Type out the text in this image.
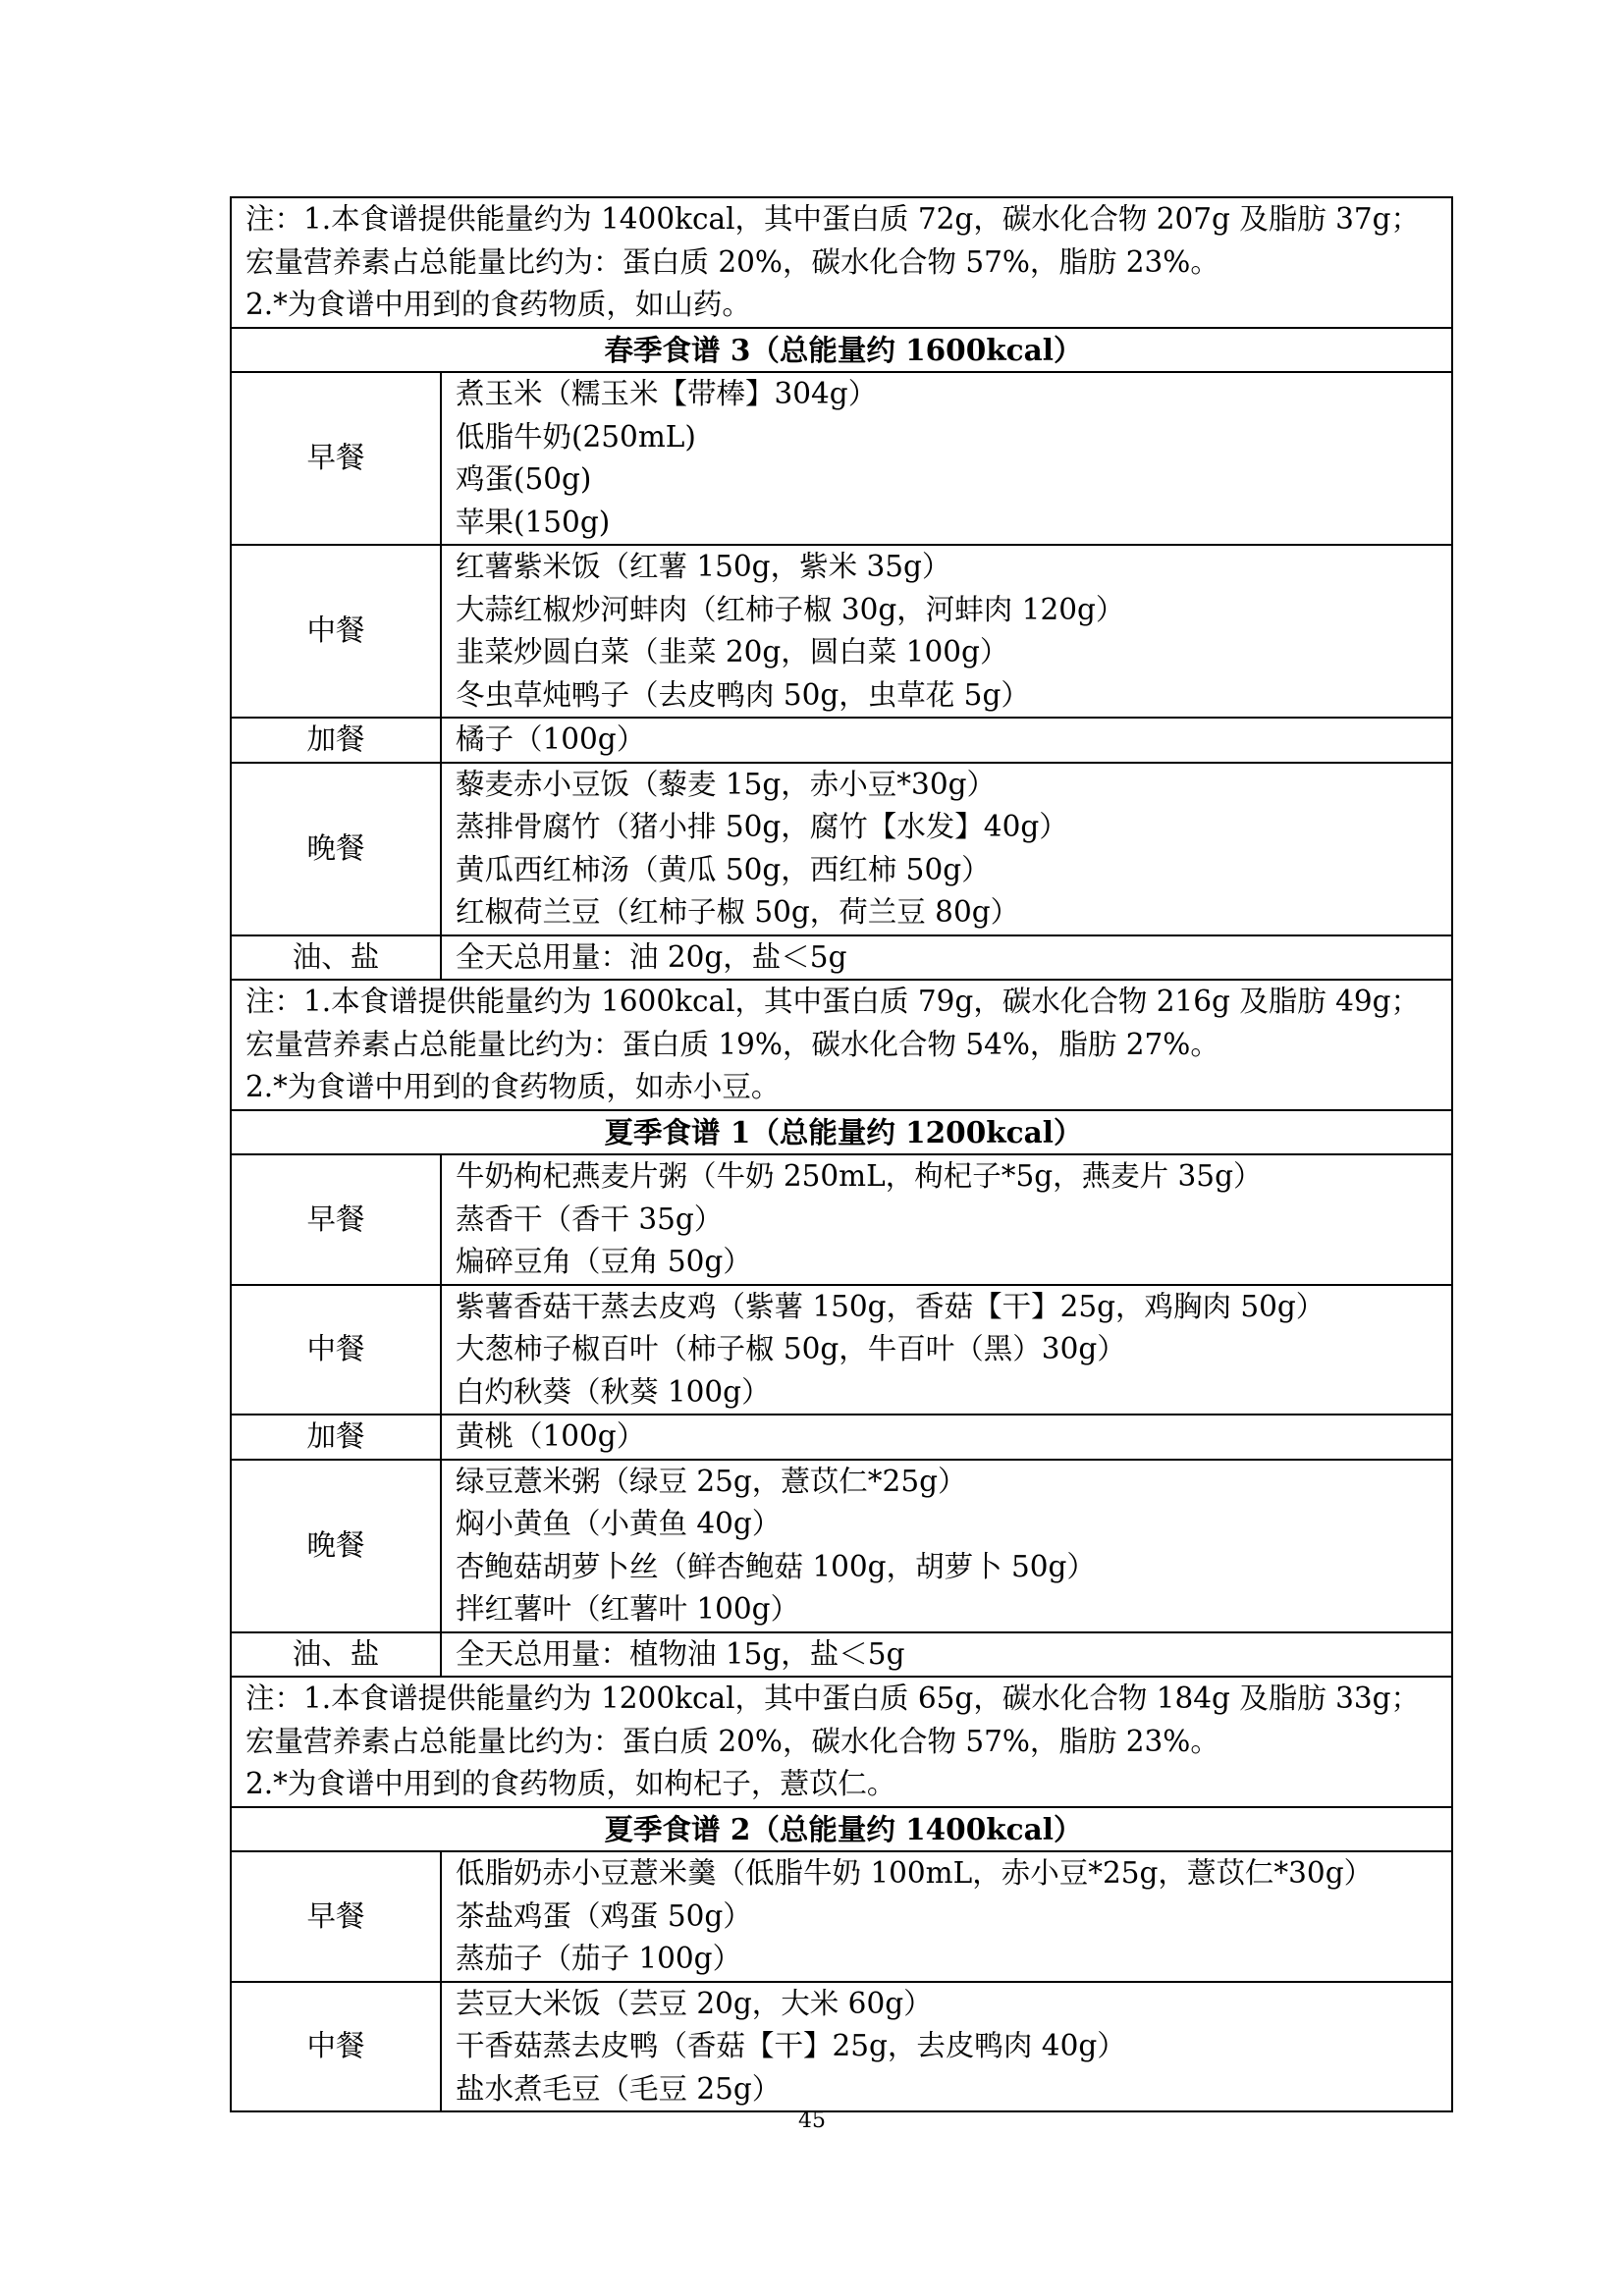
注：1.本食谱提供能量约为 1400kcal，其中蛋白质 72g，碳水化合物 207g 及脂肪 37g；宏量营养素占总能量比约为：蛋白质 20%，碳水化合物 57%，脂肪 23%。
2.*为食谱中用到的食药物质，如山药。	

春季食谱 3（总能量约 1600kcal）	
早餐	煮玉米（糯玉米【带棒】304g）
低脂牛奶(250mL)
鸡蛋(50g)
苹果(150g)

中餐	红薯紫米饭（红薯 150g，紫米 35g）
大蒜红椒炒河蚌肉（红柿子椒 30g，河蚌肉 120g）
韭菜炒圆白菜（韭菜 20g，圆白菜 100g）
冬虫草炖鸭子（去皮鸭肉 50g，虫草花 5g）

加餐	橘子（100g）

晚餐	藜麦赤小豆饭（藜麦 15g，赤小豆*30g）
蒸排骨腐竹（猪小排 50g，腐竹【水发】40g）
黄瓜西红柿汤（黄瓜 50g，西红柿 50g）
红椒荷兰豆（红柿子椒 50g，荷兰豆 80g）

油、盐	全天总用量：油 20g，盐＜5g

注：1.本食谱提供能量约为 1600kcal，其中蛋白质 79g，碳水化合物 216g 及脂肪 49g；宏量营养素占总能量比约为：蛋白质 19%，碳水化合物 54%，脂肪 27%。
2.*为食谱中用到的食药物质，如赤小豆。	

夏季食谱 1（总能量约 1200kcal）	
早餐	牛奶枸杞燕麦片粥（牛奶 250mL，枸杞子*5g，燕麦片 35g）
蒸香干（香干 35g）
煸碎豆角（豆角 50g）

中餐	紫薯香菇干蒸去皮鸡（紫薯 150g，香菇【干】25g，鸡胸肉 50g）
大葱柿子椒百叶（柿子椒 50g，牛百叶（黑）30g）
白灼秋葵（秋葵 100g）

加餐	黄桃（100g）

晚餐	绿豆薏米粥（绿豆 25g，薏苡仁*25g）
焖小黄鱼（小黄鱼 40g）
杏鲍菇胡萝卜丝（鲜杏鲍菇 100g，胡萝卜 50g）
拌红薯叶（红薯叶 100g）

油、盐	全天总用量：植物油 15g，盐＜5g

注：1.本食谱提供能量约为 1200kcal，其中蛋白质 65g，碳水化合物 184g 及脂肪 33g；宏量营养素占总能量比约为：蛋白质 20%，碳水化合物 57%，脂肪 23%。
2.*为食谱中用到的食药物质，如枸杞子，薏苡仁。	

夏季食谱 2（总能量约 1400kcal）	
早餐	低脂奶赤小豆薏米羹（低脂牛奶 100mL，赤小豆*25g，薏苡仁*30g）
茶盐鸡蛋（鸡蛋 50g）
蒸茄子（茄子 100g）

中餐	芸豆大米饭（芸豆 20g，大米 60g）
干香菇蒸去皮鸭（香菇【干】25g，去皮鸭肉 40g）
盐水煮毛豆（毛豆 25g）
45
